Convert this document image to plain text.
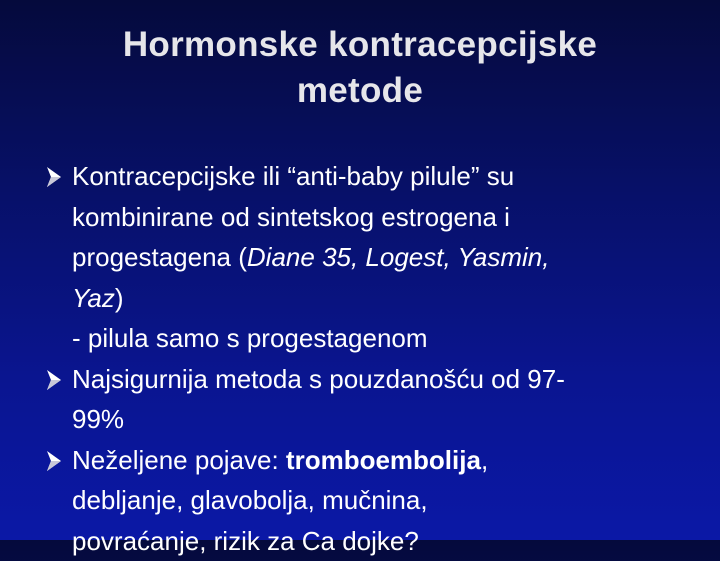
Hormonske kontracepcijske
metode
Kontracepcijske ili “anti-baby pilule” su
kombinirane od sintetskog estrogena i
progestagena (Diane 35, Logest, Yasmin,
Yaz)
- pilula samo s progestagenom
Najsigurnija metoda s pouzdanošću od 97-
99%
Neželjene pojave: tromboembolija,
debljanje, glavobolja, mučnina,
povraćanje, rizik za Ca dojke?
